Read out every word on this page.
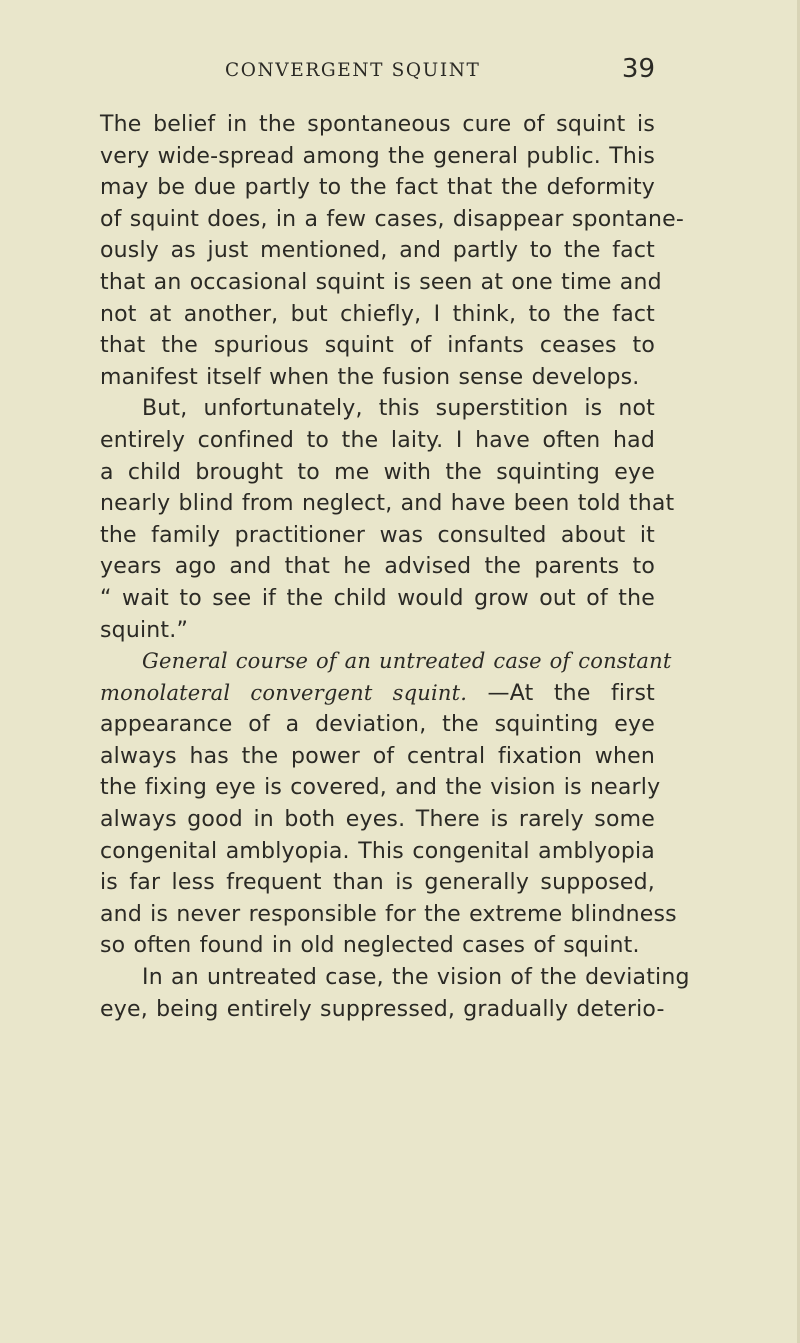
CONVERGENT SQUINT	39
The belief in the spontaneous cure of squint is
very wide-spread among the general public. This
may be due partly to the fact that the deformity
of squint does, in a few cases, disappear spontane-
ously as just mentioned, and partly to the fact
that an occasional squint is seen at one time and
not at another, but chiefly, I think, to the fact
that the spurious squint of infants ceases to
manifest itself when the fusion sense develops.
But, unfortunately, this superstition is not
entirely confined to the laity. I have often had
a child brought to me with the squinting eye
nearly blind from neglect, and have been told that
the family practitioner was consulted about it
years ago and that he advised the parents to
“ wait to see if the child would grow out of the
squint.”
General course of an untreated case of constant
monolateral convergent squint. —At the first
appearance of a deviation, the squinting eye
always has the power of central fixation when
the fixing eye is covered, and the vision is nearly
always good in both eyes. There is rarely some
congenital amblyopia. This congenital amblyopia
is far less frequent than is generally supposed,
and is never responsible for the extreme blindness
so often found in old neglected cases of squint.
In an untreated case, the vision of the deviating
eye, being entirely suppressed, gradually deterio-
